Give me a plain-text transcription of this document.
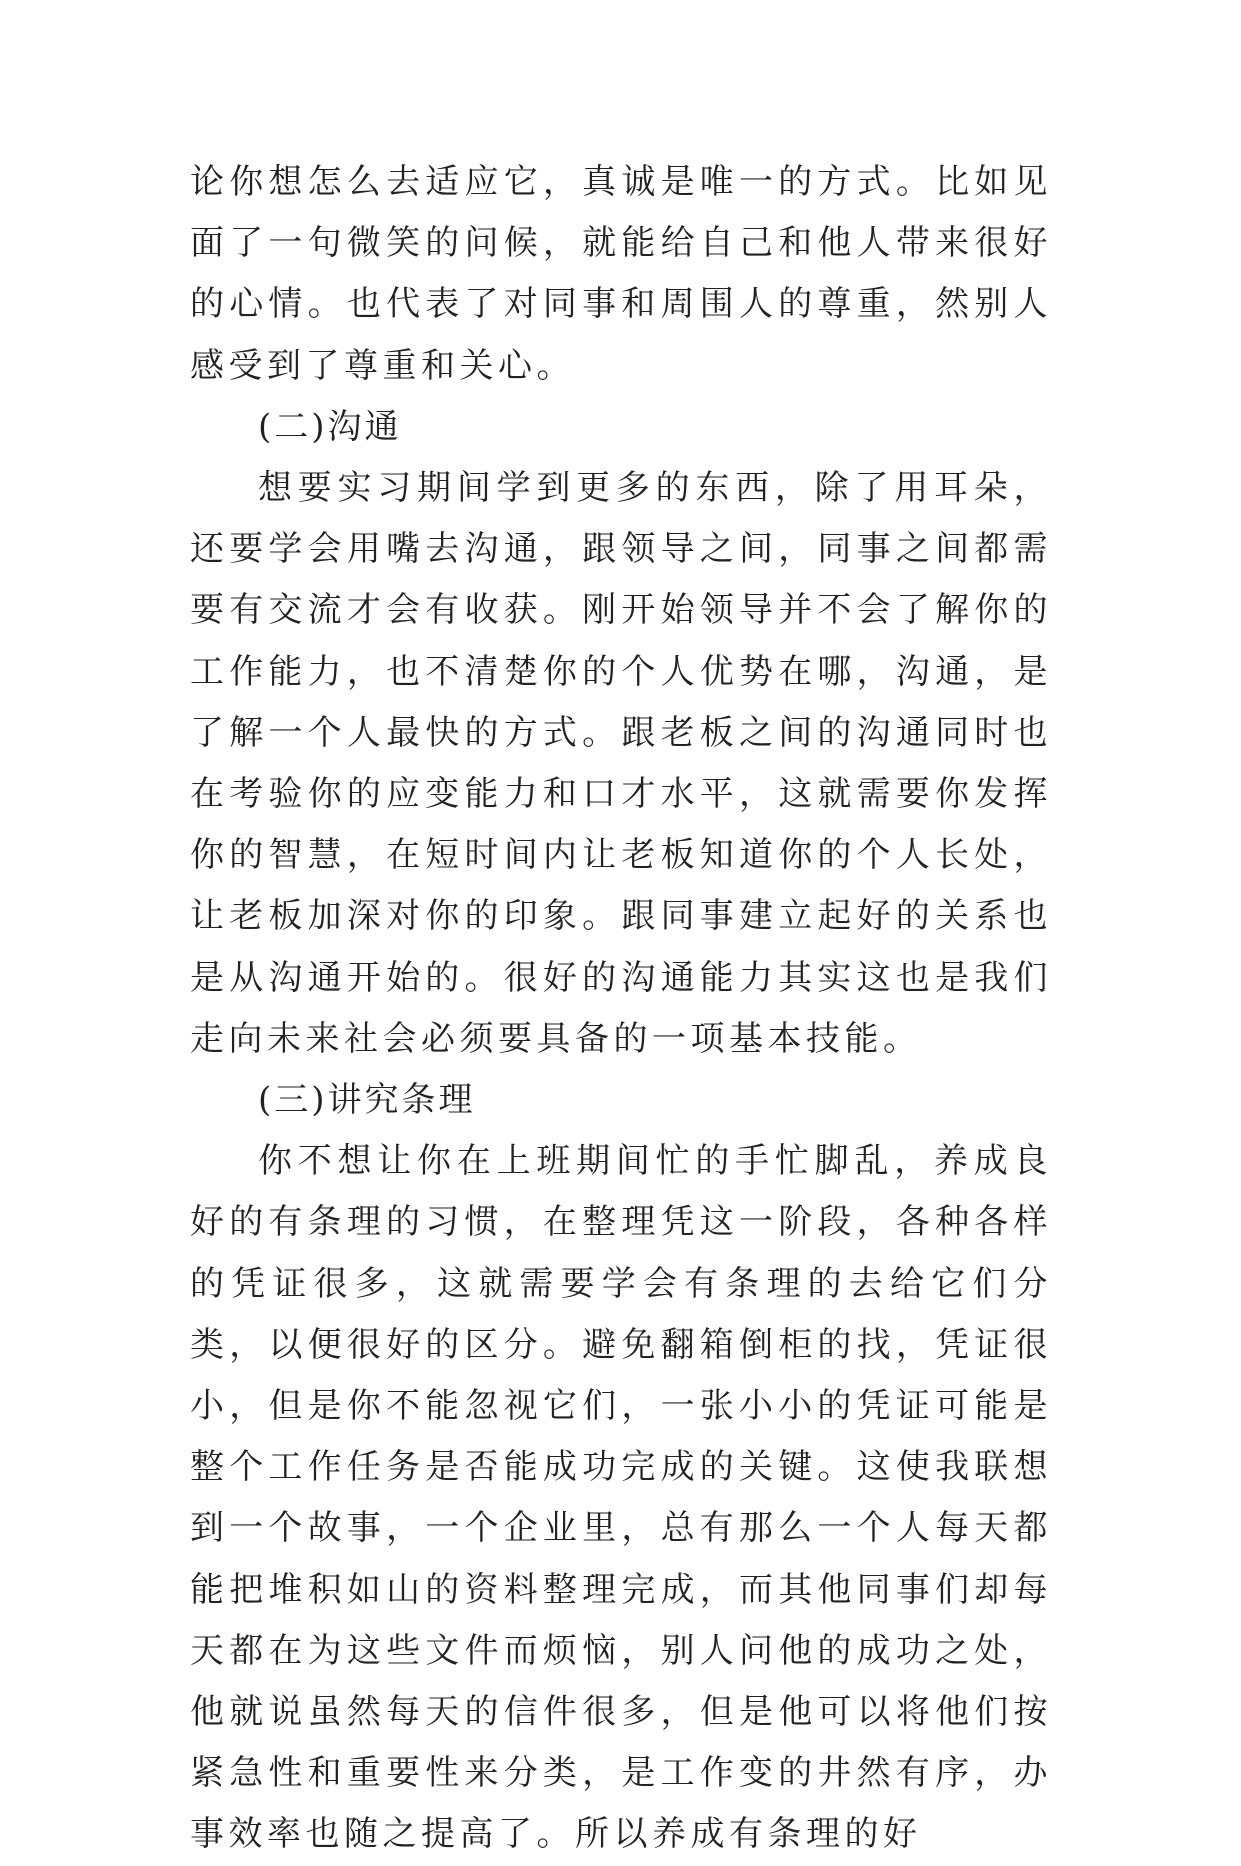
论你想怎么去适应它，真诚是唯一的方式。比如见面了一句微笑的问候，就能给自己和他人带来很好的心情。也代表了对同事和周围人的尊重，然别人感受到了尊重和关心。

(二)沟通

想要实习期间学到更多的东西，除了用耳朵，还要学会用嘴去沟通，跟领导之间，同事之间都需要有交流才会有收获。刚开始领导并不会了解你的工作能力，也不清楚你的个人优势在哪，沟通，是了解一个人最快的方式。跟老板之间的沟通同时也在考验你的应变能力和口才水平，这就需要你发挥你的智慧，在短时间内让老板知道你的个人长处，让老板加深对你的印象。跟同事建立起好的关系也是从沟通开始的。很好的沟通能力其实这也是我们走向未来社会必须要具备的一项基本技能。

(三)讲究条理

你不想让你在上班期间忙的手忙脚乱，养成良好的有条理的习惯，在整理凭这一阶段，各种各样的凭证很多，这就需要学会有条理的去给它们分类，以便很好的区分。避免翻箱倒柜的找，凭证很小，但是你不能忽视它们，一张小小的凭证可能是整个工作任务是否能成功完成的关键。这使我联想到一个故事，一个企业里，总有那么一个人每天都能把堆积如山的资料整理完成，而其他同事们却每天都在为这些文件而烦恼，别人问他的成功之处，他就说虽然每天的信件很多，但是他可以将他们按紧急性和重要性来分类，是工作变的井然有序，办事效率也随之提高了。所以养成有条理的好
